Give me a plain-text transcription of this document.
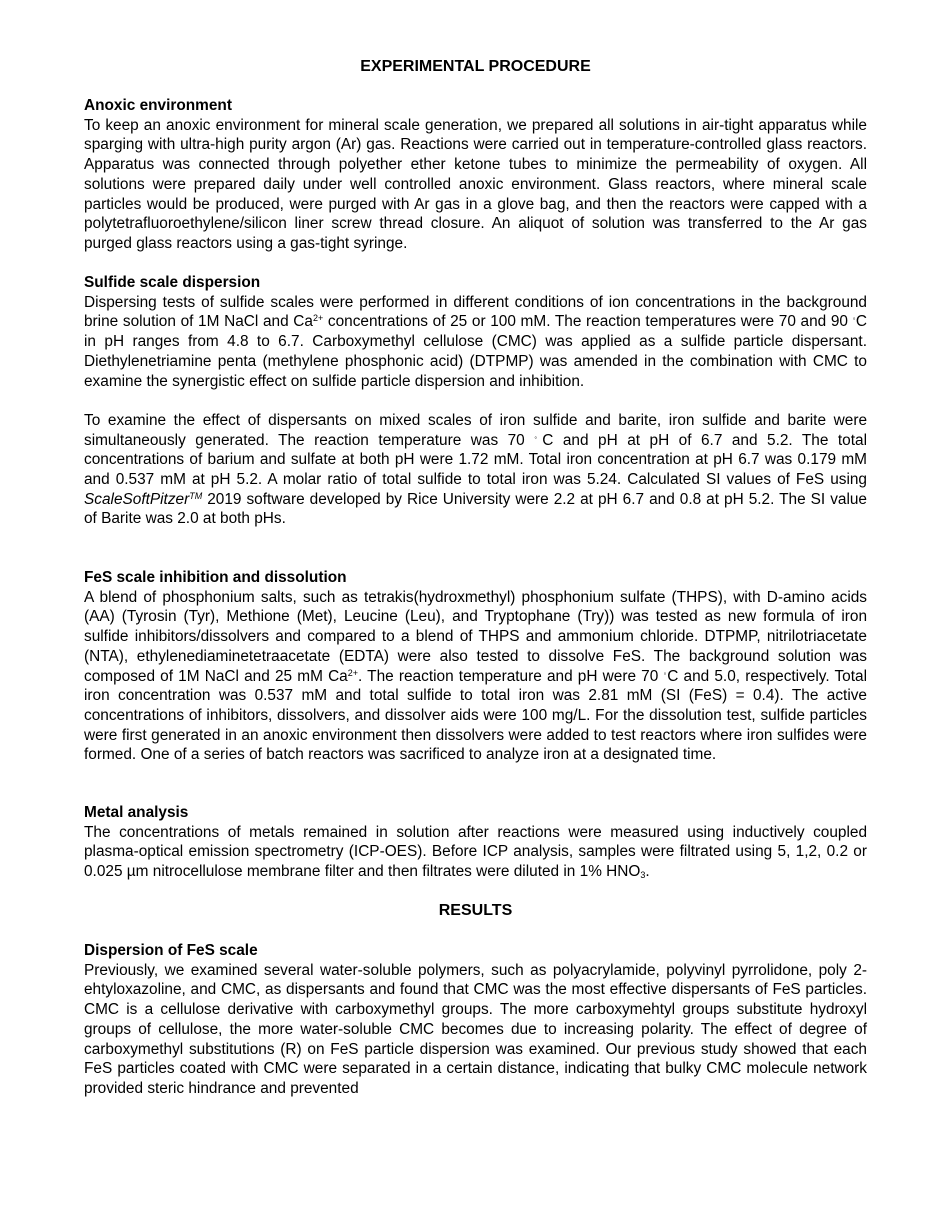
EXPERIMENTAL PROCEDURE
Anoxic environment

To keep an anoxic environment for mineral scale generation, we prepared all solutions in air-tight apparatus while sparging with ultra-high purity argon (Ar) gas. Reactions were carried out in temperature-controlled glass reactors. Apparatus was connected through polyether ether ketone tubes to minimize the permeability of oxygen. All solutions were prepared daily under well controlled anoxic environment. Glass reactors, where mineral scale particles would be produced, were purged with Ar gas in a glove bag, and then the reactors were capped with a polytetrafluoroethylene/silicon liner screw thread closure. An aliquot of solution was transferred to the Ar gas purged glass reactors using a gas-tight syringe.

Sulfide scale dispersion

Dispersing tests of sulfide scales were performed in different conditions of ion concentrations in the background brine solution of 1M NaCl and $Ca^{2+}$ concentrations of 25 or 100 mM. The reaction temperatures were 70 and 90 ◦C in pH ranges from 4.8 to 6.7. Carboxymethyl cellulose (CMC) was applied as a sulfide particle dispersant. Diethylenetriamine penta (methylene phosphonic acid) (DTPMP) was amended in the combination with CMC to examine the synergistic effect on sulfide particle dispersion and inhibition.

To examine the effect of dispersants on mixed scales of iron sulfide and barite, iron sulfide and barite were simultaneously generated. The reaction temperature was 70 ◦C and pH at pH of 6.7 and 5.2. The total concentrations of barium and sulfate at both pH were 1.72 mM. Total iron concentration at pH 6.7 was 0.179 mM and 0.537 mM at pH 5.2. A molar ratio of total sulfide to total iron was 5.24. Calculated SI values of FeS using ScaleSoftPitzer™ 2019 software developed by Rice University were 2.2 at pH 6.7 and 0.8 at pH 5.2. The SI value of Barite was 2.0 at both pHs.

FeS scale inhibition and dissolution

A blend of phosphonium salts, such as tetrakis(hydroxmethyl) phosphonium sulfate (THPS), with D-amino acids (AA) (Tyrosin (Tyr), Methione (Met), Leucine (Leu), and Tryptophane (Try)) was tested as new formula of iron sulfide inhibitors/dissolvers and compared to a blend of THPS and ammonium chloride. DTPMP, nitrilotriacetate (NTA), ethylenediaminetetraacetate (EDTA) were also tested to dissolve FeS. The background solution was composed of 1M NaCl and 25 mM $Ca^{2+}$. The reaction temperature and pH were 70 ◦C and 5.0, respectively. Total iron concentration was 0.537 mM and total sulfide to total iron was 2.81 mM (SI (FeS) = 0.4). The active concentrations of inhibitors, dissolvers, and dissolver aids were 100 mg/L. For the dissolution test, sulfide particles were first generated in an anoxic environment then dissolvers were added to test reactors where iron sulfides were formed. One of a series of batch reactors was sacrificed to analyze iron at a designated time.

Metal analysis

The concentrations of metals remained in solution after reactions were measured using inductively coupled plasma-optical emission spectrometry (ICP-OES). Before ICP analysis, samples were filtrated using 5, 1,2, 0.2 or 0.025 µm nitrocellulose membrane filter and then filtrates were diluted in 1% $HNO_3$.

RESULTS
Dispersion of FeS scale

Previously, we examined several water-soluble polymers, such as polyacrylamide, polyvinyl pyrrolidone, poly 2-ehtyloxazoline, and CMC, as dispersants and found that CMC was the most effective dispersants of FeS particles. CMC is a cellulose derivative with carboxymethyl groups. The more carboxymehtyl groups substitute hydroxyl groups of cellulose, the more water-soluble CMC becomes due to increasing polarity. The effect of degree of carboxymethyl substitutions (R) on FeS particle dispersion was examined. Our previous study showed that each FeS particles coated with CMC were separated in a certain distance, indicating that bulky CMC molecule network provided steric hindrance and prevented
